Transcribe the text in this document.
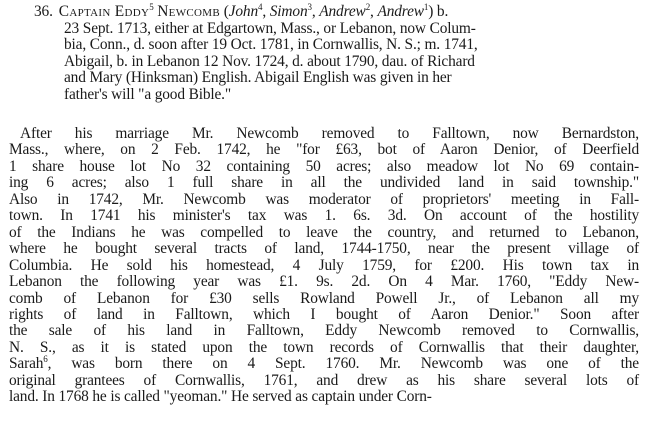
36. Captain Eddy$^5$ Newcomb (John$^4$, Simon$^3$, Andrew$^2$, Andrew$^1$) b.
23 Sept. 1713, either at Edgartown, Mass., or Lebanon, now Colum-
bia, Conn., d. soon after 19 Oct. 1781, in Cornwallis, N. S.; m. 1741,
Abigail, b. in Lebanon 12 Nov. 1724, d. about 1790, dau. of Richard
and Mary (Hinksman) English. Abigail English was given in her
father's will "a good Bible."
After his marriage Mr. Newcomb removed to Falltown, now Bernardston,
Mass., where, on 2 Feb. 1742, he "for £63, bot of Aaron Denior, of Deerfield
1 share house lot No 32 containing 50 acres; also meadow lot No 69 contain-
ing 6 acres; also 1 full share in all the undivided land in said township."
Also in 1742, Mr. Newcomb was moderator of proprietors' meeting in Fall-
town. In 1741 his minister's tax was 1. 6s. 3d. On account of the hostility
of the Indians he was compelled to leave the country, and returned to Lebanon,
where he bought several tracts of land, 1744-1750, near the present village of
Columbia. He sold his homestead, 4 July 1759, for £200. His town tax in
Lebanon the following year was £1. 9s. 2d. On 4 Mar. 1760, "Eddy New-
comb of Lebanon for £30 sells Rowland Powell Jr., of Lebanon all my
rights of land in Falltown, which I bought of Aaron Denior." Soon after
the sale of his land in Falltown, Eddy Newcomb removed to Cornwallis,
N. S., as it is stated upon the town records of Cornwallis that their daughter,
Sarah$^6$, was born there on 4 Sept. 1760. Mr. Newcomb was one of the
original grantees of Cornwallis, 1761, and drew as his share several lots of
land. In 1768 he is called "yeoman." He served as captain under Corn-
